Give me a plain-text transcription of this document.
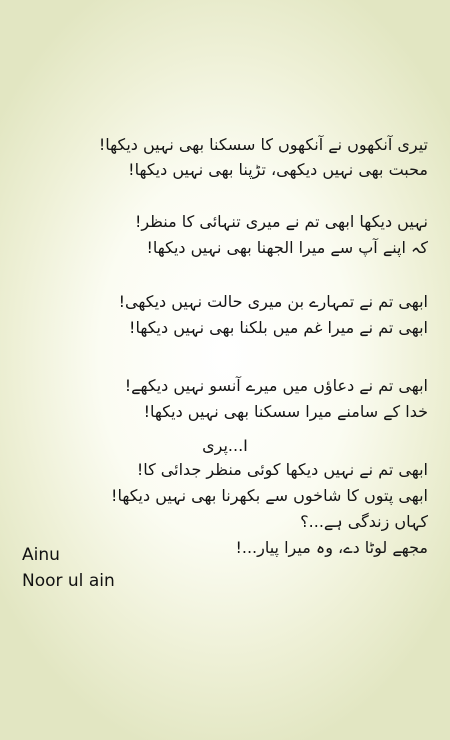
تیری آنکھوں نے آنکھوں کا سسکنا بھی نہیں دیکھا!
محبت بھی نہیں دیکھی، تڑپنا بھی نہیں دیکھا!
نہیں دیکھا ابھی تم نے میری تنہائی کا منظر!
کہ اپنے آپ سے میرا الجھنا بھی نہیں دیکھا!
ابھی تم نے تمہارے بن میری حالت نہیں دیکھی!
ابھی تم نے میرا غم میں بلکنا بھی نہیں دیکھا!
ابھی تم نے دعاؤں میں میرے آنسو نہیں دیکھے!
خدا کے سامنے میرا سسکنا بھی نہیں دیکھا!
I...پری
ابھی تم نے نہیں دیکھا کوئی منظر جدائی کا!
ابھی پتوں کا شاخوں سے بکھرنا بھی نہیں دیکھا!
کہاں زندگی ہے...؟
مجھے لوٹا دے، وہ میرا پیار...!
Ainu
Noor ul ain
